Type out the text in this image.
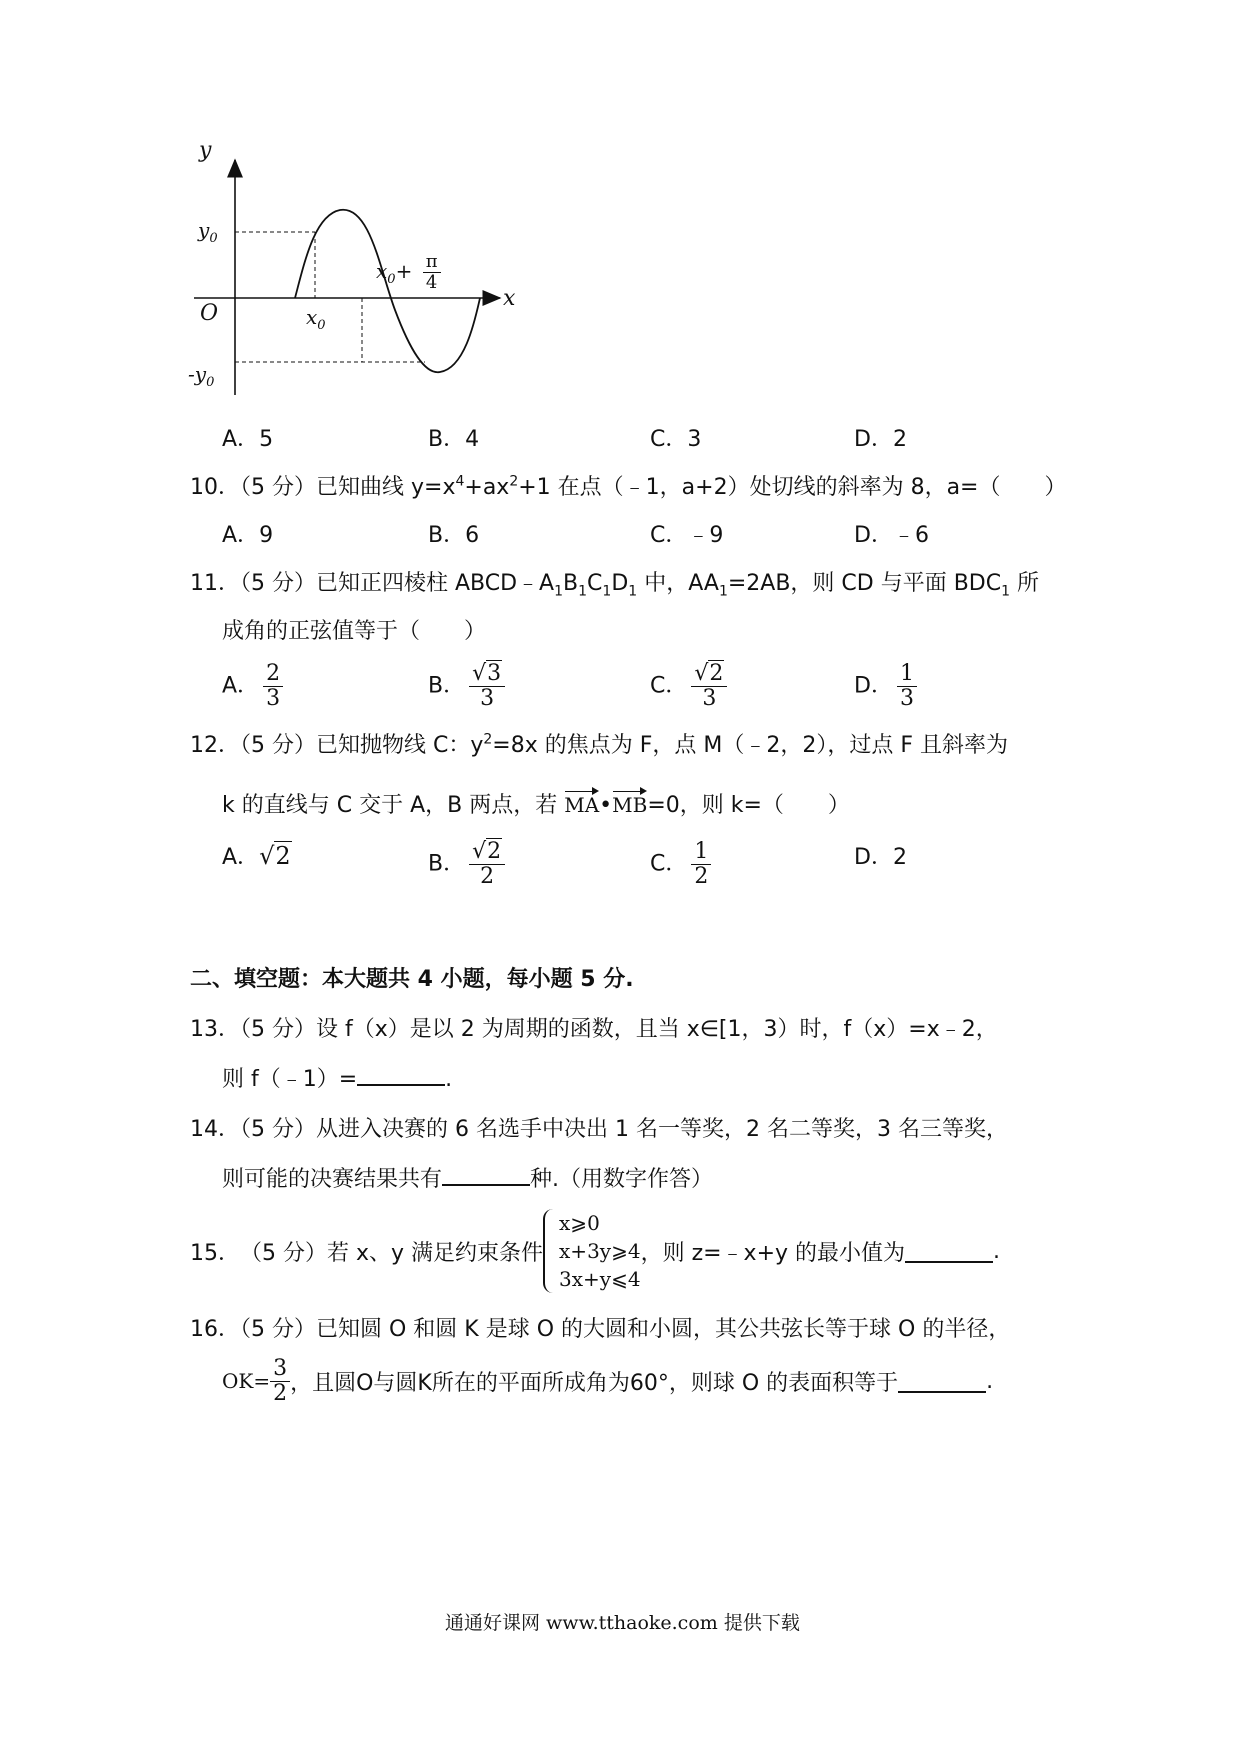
y
x
O
$y_0$
$-y_0$
$x_0$
$x_0+ \frac{\pi}{4}$
A．5	B．4	C．3	D．2
10．（5 分）已知曲线 $y=x^4+ax^2+1$ 在点（﹣1，a+2）处切线的斜率为 8，a=（　　）
A．9	B．6	C．﹣9	D．﹣6
11．（5 分）已知正四棱柱 $ABCD﹣A_1B_1C_1D_1$ 中，$AA_1=2AB$，则 CD 与平面 $BDC_1$ 所
成角的正弦值等于（　　）
A． $\frac{2}{3}$	B． $\frac{√3}{3}$	C． $\frac{√2}{3}$	D． $\frac{1}{3}$
12．（5 分）已知抛物线 C：$y^2=8x$ 的焦点为 F，点 M（﹣2，2），过点 F 且斜率为
k 的直线与 C 交于 A，B 两点，若 MA•MB=0，则 k=（　　）
A．√2	B． $\frac{√2}{2}$	C． $\frac{1}{2}$	D．2
二、填空题：本大题共 4 小题，每小题 5 分.
13．（5 分）设 f（x）是以 2 为周期的函数，且当 x∈[1，3）时，f（x）=x﹣2，
则 f（﹣1）=	.
14．（5 分）从进入决赛的 6 名选手中决出 1 名一等奖，2 名二等奖，3 名三等奖，
则可能的决赛结果共有	种.（用数字作答）
15． （5 分） 若 x、y 满足约束条件
x⩾0
x+3y⩾4
3x+y⩽4
，则 z=﹣x+y 的最小值为	.
16．（5 分）已知圆 O 和圆 K 是球 O 的大圆和小圆，其公共弦长等于球 O 的半径，
$OK= \frac{3}{2}$ ，且圆O与圆K所在的平面所成角为60°，则球 O 的表面积等于	.
通通好课网 www.tthaoke.com 提供下载
